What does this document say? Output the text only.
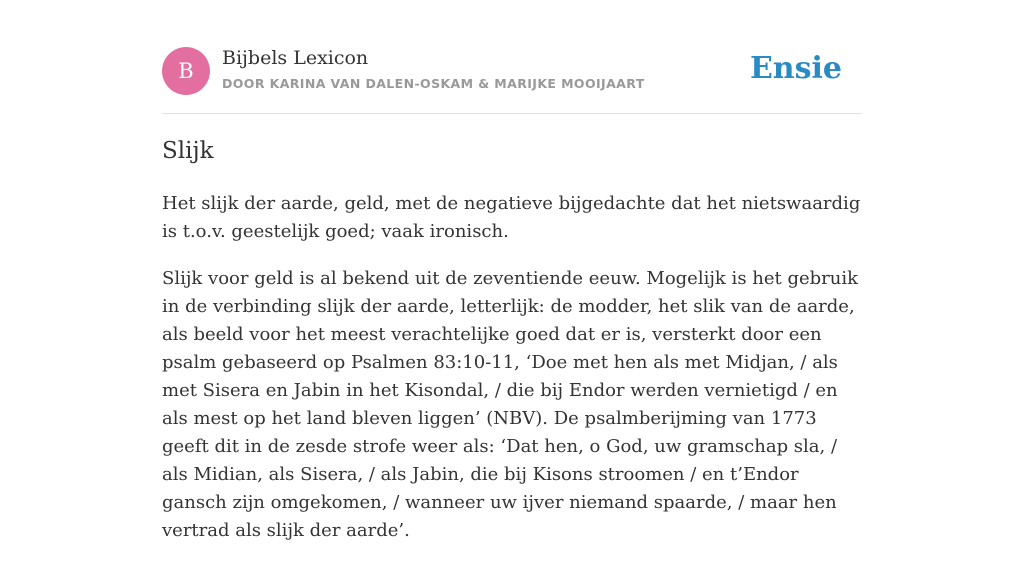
B
Bijbels Lexicon
DOOR KARINA VAN DALEN-OSKAM & MARIJKE MOOIJAART	Ensie
Slijk

Het slijk der aarde, geld, met de negatieve bijgedachte dat het nietswaardig is t.o.v. geestelijk goed; vaak ironisch.

Slijk voor geld is al bekend uit de zeventiende eeuw. Mogelijk is het gebruik in de verbinding slijk der aarde, letterlijk: de modder, het slik van de aarde, als beeld voor het meest verachtelijke goed dat er is, versterkt door een psalm gebaseerd op Psalmen 83:10-11, ‘Doe met hen als met Midjan, / als met Sisera en Jabin in het Kisondal, / die bij Endor werden vernietigd / en als mest op het land bleven liggen’ (NBV). De psalmberijming van 1773 geeft dit in de zesde strofe weer als: ‘Dat hen, o God, uw gramschap sla, / als Midian, als Sisera, / als Jabin, die bij Kisons stroomen / en t’Endor gansch zijn omgekomen, / wanneer uw ijver niemand spaarde, / maar hen vertrad als slijk der aarde’.
